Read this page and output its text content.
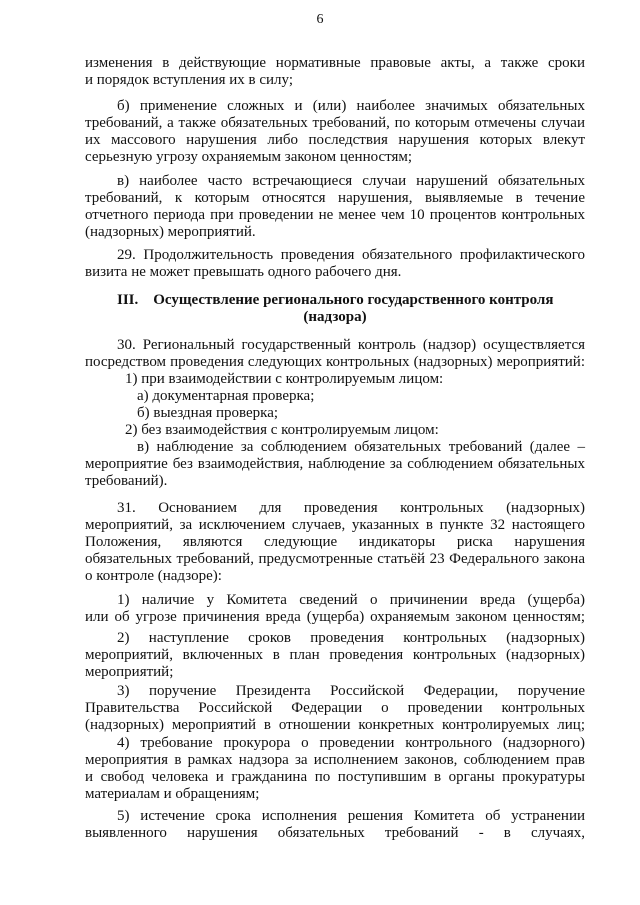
6
изменения в действующие нормативные правовые акты, а также сроки
и порядок вступления их в силу;
б) применение сложных и (или) наиболее значимых обязательных
требований, а также обязательных требований, по которым отмечены случаи
их массового нарушения либо последствия нарушения которых влекут
серьезную угрозу охраняемым законом ценностям;
в) наиболее часто встречающиеся случаи нарушений обязательных
требований, к которым относятся нарушения, выявляемые в течение
отчетного периода при проведении не менее чем 10 процентов контрольных
(надзорных) мероприятий.
29. Продолжительность проведения обязательного профилактического
визита не может превышать одного рабочего дня.
III.    Осуществление регионального государственного контроля
(надзора)
30. Региональный государственный контроль (надзор) осуществляется
посредством проведения следующих контрольных (надзорных) мероприятий:
1) при взаимодействии с контролируемым лицом:
а) документарная проверка;
б) выездная проверка;
2) без взаимодействия с контролируемым лицом:
в) наблюдение за соблюдением обязательных требований (далее –
мероприятие без взаимодействия, наблюдение за соблюдением обязательных
требований).
31. Основанием для проведения контрольных (надзорных)
мероприятий, за исключением случаев, указанных в пункте 32 настоящего
Положения, являются следующие индикаторы риска нарушения
обязательных требований, предусмотренные статьёй 23 Федерального закона
о контроле (надзоре):
1) наличие у Комитета сведений о причинении вреда (ущерба)
или об угрозе причинения вреда (ущерба) охраняемым законом ценностям;
2) наступление сроков проведения контрольных (надзорных)
мероприятий, включенных в план проведения контрольных (надзорных)
мероприятий;
3) поручение Президента Российской Федерации, поручение
Правительства Российской Федерации о проведении контрольных
(надзорных) мероприятий в отношении конкретных контролируемых лиц;
4) требование прокурора о проведении контрольного (надзорного)
мероприятия в рамках надзора за исполнением законов, соблюдением прав
и свобод человека и гражданина по поступившим в органы прокуратуры
материалам и обращениям;
5) истечение срока исполнения решения Комитета об устранении
выявленного нарушения обязательных требований - в случаях,
